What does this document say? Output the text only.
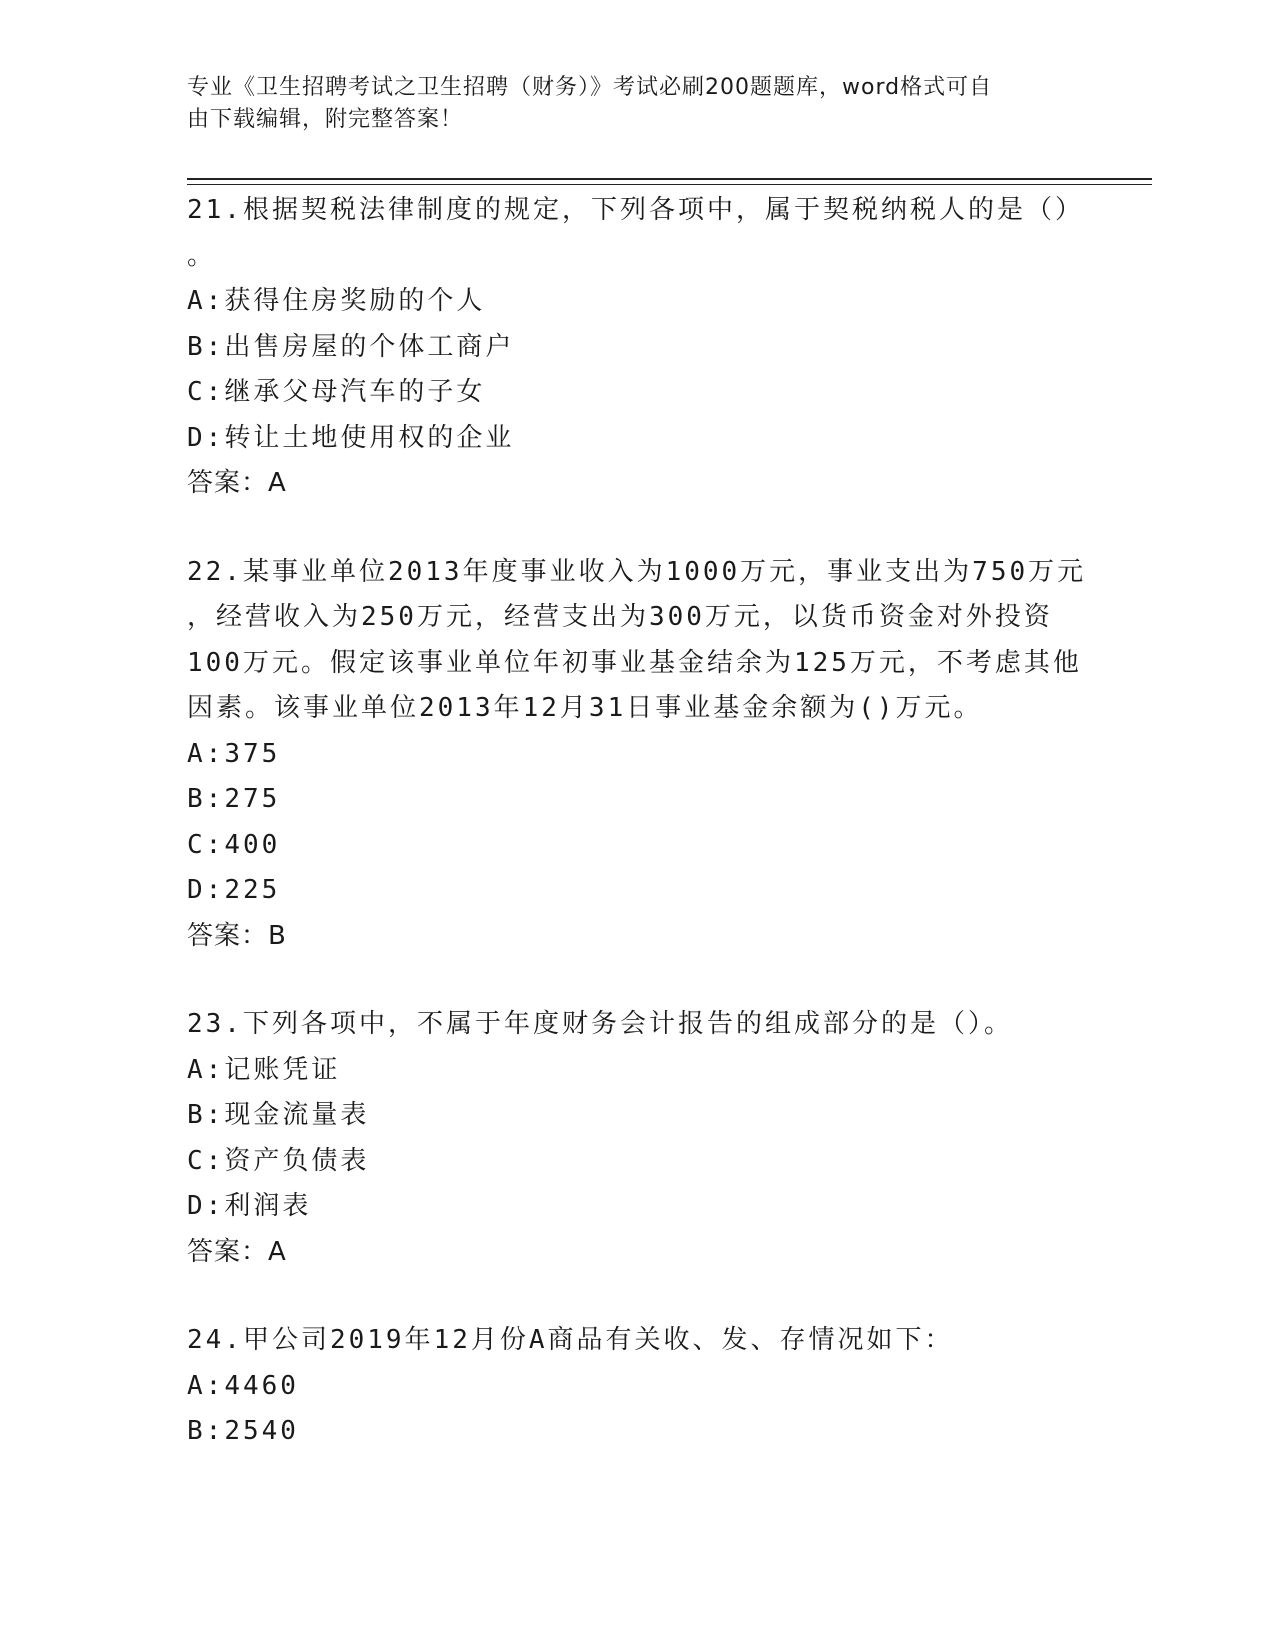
专业《卫生招聘考试之卫生招聘（财务）》考试必刷200题题库，word格式可自
由下载编辑，附完整答案！
21.根据契税法律制度的规定，下列各项中，属于契税纳税人的是（）
。
A: 获得住房奖励的个人
B: 出售房屋的个体工商户
C: 继承父母汽车的子女
D: 转让土地使用权的企业
答案：A
22.某事业单位2013年度事业收入为1000万元，事业支出为750万元
，经营收入为250万元，经营支出为300万元，以货币资金对外投资
100万元。假定该事业单位年初事业基金结余为125万元，不考虑其他
因素。该事业单位2013年12月31日事业基金余额为()万元。
A: 375
B: 275
C: 400
D: 225
答案：B
23.下列各项中，不属于年度财务会计报告的组成部分的是（）。
A: 记账凭证
B: 现金流量表
C: 资产负债表
D: 利润表
答案：A
24.甲公司2019年12月份A商品有关收、发、存情况如下：
A: 4460
B: 2540
